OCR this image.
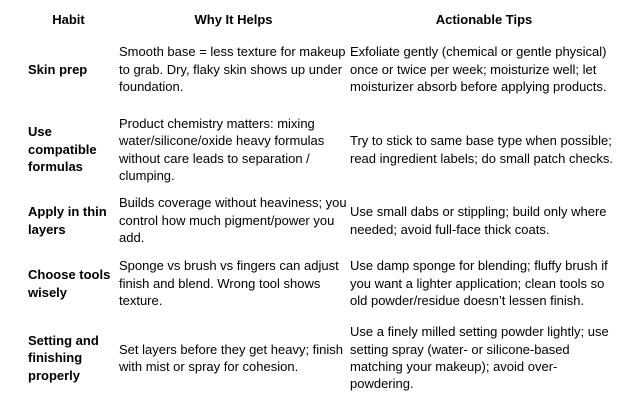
Habit	Why It Helps	Actionable Tips
Skin prep
Smooth base = less texture for makeup to grab. Dry, flaky skin shows up under foundation.
Exfoliate gently (chemical or gentle physical) once or twice per week; moisturize well; let moisturizer absorb before applying products.
Use compatible formulas
Product chemistry matters: mixing water/silicone/oxide heavy formulas without care leads to separation / clumping.
Try to stick to same base type when possible; read ingredient labels; do small patch checks.
Apply in thin layers
Builds coverage without heaviness; you control how much pigment/power you add.
Use small dabs or stippling; build only where needed; avoid full-face thick coats.
Choose tools wisely
Sponge vs brush vs fingers can adjust finish and blend. Wrong tool shows texture.
Use damp sponge for blending; fluffy brush if you want a lighter application; clean tools so old powder/residue doesn’t lessen finish.
Setting and finishing properly
Set layers before they get heavy; finish with mist or spray for cohesion.
Use a finely milled setting powder lightly; use setting spray (water- or silicone-based matching your makeup); avoid over-powdering.
